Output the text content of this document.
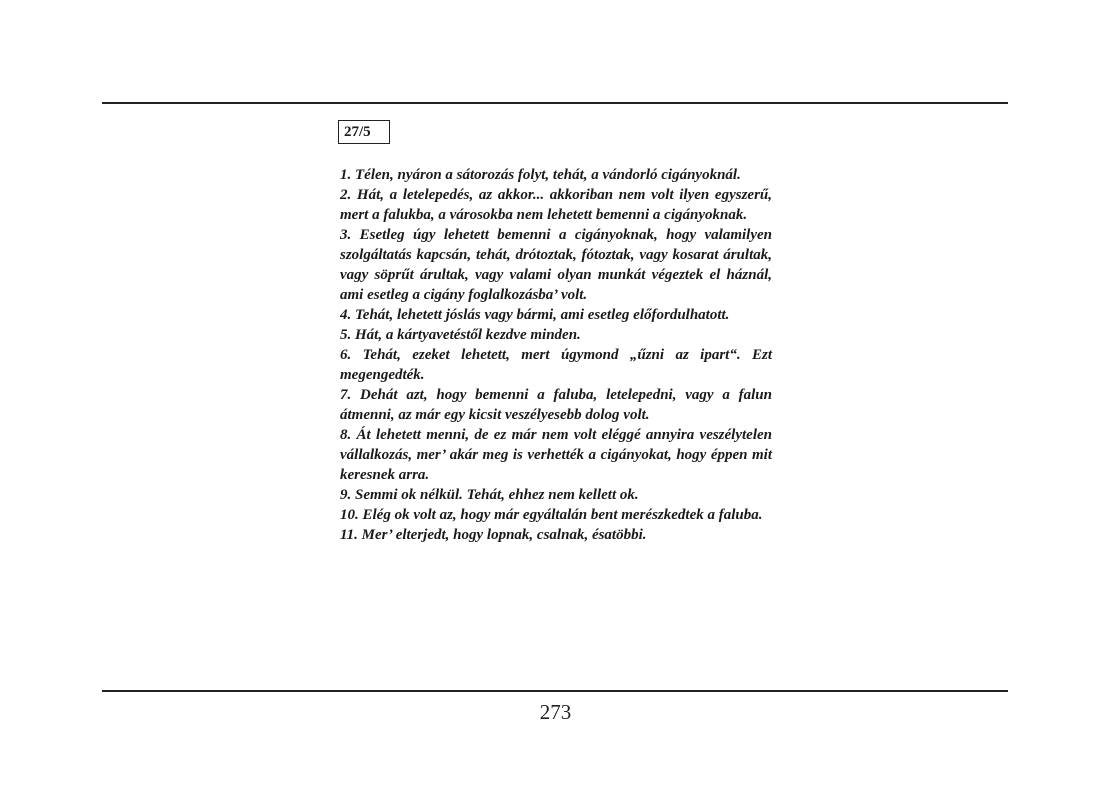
27/5

1. Télen, nyáron a sátorozás folyt, tehát, a vándorló cigányoknál.

2. Hát, a letelepedés, az akkor... akkoriban nem volt ilyen egyszerű, mert a falukba, a városokba nem lehetett bemenni a cigányoknak.

3. Esetleg úgy lehetett bemenni a cigányoknak, hogy valamilyen szolgáltatás kapcsán, tehát, drótoztak, fótoztak, vagy kosarat árultak, vagy söprűt árultak, vagy valami olyan munkát végeztek el háznál, ami esetleg a cigány foglalkozásba’ volt.

4. Tehát, lehetett jóslás vagy bármi, ami esetleg előfordulhatott.

5. Hát, a kártyavetéstől kezdve minden.

6. Tehát, ezeket lehetett, mert úgymond „űzni az ipart“. Ezt megengedték.

7. Dehát azt, hogy bemenni a faluba, letelepedni, vagy a falun átmenni, az már egy kicsit veszélyesebb dolog volt.

8. Át lehetett menni, de ez már nem volt eléggé annyira veszélytelen vállalkozás, mer’ akár meg is verhették a cigányokat, hogy éppen mit keresnek arra.

9. Semmi ok nélkül. Tehát, ehhez nem kellett ok.

10. Elég ok volt az, hogy már egyáltalán bent merészkedtek a faluba.

11. Mer’ elterjedt, hogy lopnak, csalnak, ésatöbbi.

273
